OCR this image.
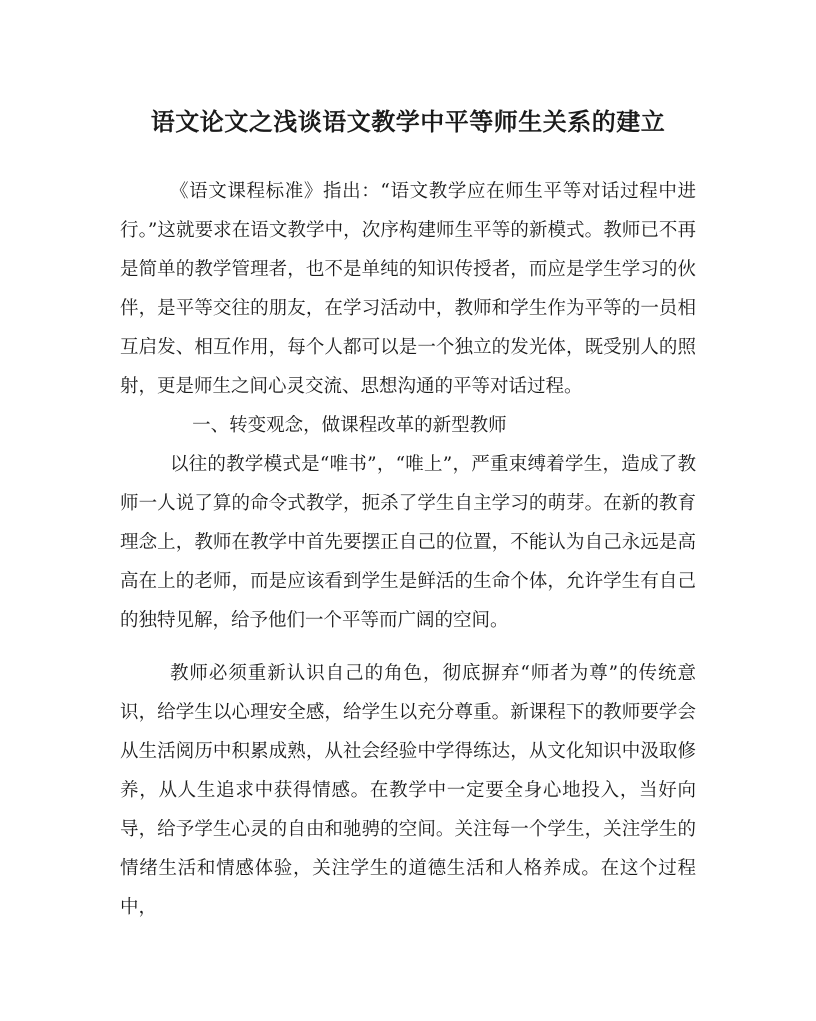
语文论文之浅谈语文教学中平等师生关系的建立

《语文课程标准》指出：“语文教学应在师生平等对话过程中进行。”这就要求在语文教学中，次序构建师生平等的新模式。教师已不再是简单的教学管理者，也不是单纯的知识传授者，而应是学生学习的伙伴，是平等交往的朋友，在学习活动中，教师和学生作为平等的一员相互启发、相互作用，每个人都可以是一个独立的发光体，既受别人的照射，更是师生之间心灵交流、思想沟通的平等对话过程。

一、转变观念，做课程改革的新型教师

以往的教学模式是“唯书”，“唯上”，严重束缚着学生，造成了教师一人说了算的命令式教学，扼杀了学生自主学习的萌芽。在新的教育理念上，教师在教学中首先要摆正自己的位置，不能认为自己永远是高高在上的老师，而是应该看到学生是鲜活的生命个体，允许学生有自己的独特见解，给予他们一个平等而广阔的空间。

教师必须重新认识自己的角色，彻底摒弃“师者为尊”的传统意识，给学生以心理安全感，给学生以充分尊重。新课程下的教师要学会从生活阅历中积累成熟，从社会经验中学得练达，从文化知识中汲取修养，从人生追求中获得情感。在教学中一定要全身心地投入，当好向导，给予学生心灵的自由和驰骋的空间。关注每一个学生，关注学生的情绪生活和情感体验，关注学生的道德生活和人格养成。在这个过程中，
